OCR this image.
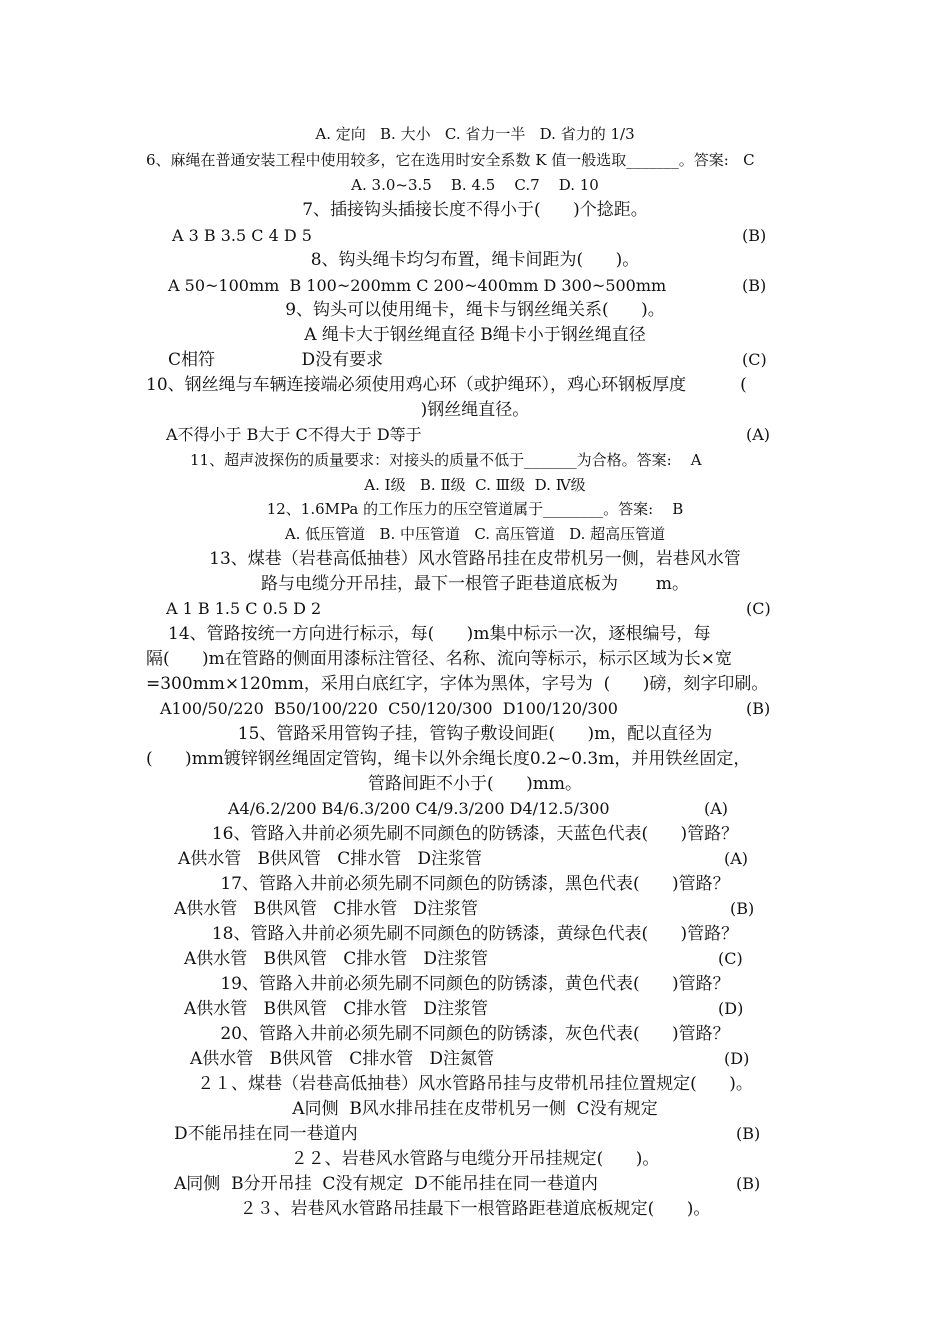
A. 定向   B. 大小   C. 省力一半   D. 省力的 1/3
6、麻绳在普通安装工程中使用较多，它在选用时安全系数 K 值一般选取_______。答案:   C
A. 3.0~3.5    B. 4.5    C.7    D. 10
7、插接钩头插接长度不得小于(      )个捻距。
A 3 B 3.5 C 4 D 5	(B)
8、钩头绳卡均匀布置，绳卡间距为(      )。
A 50~100mm  B 100~200mm C 200~400mm D 300~500mm	(B)
9、钩头可以使用绳卡，绳卡与钢丝绳关系(      )。
A 绳卡大于钢丝绳直径 B绳卡小于钢丝绳直径
C相符                D没有要求	(C)
10、钢丝绳与车辆连接端必须使用鸡心环（或护绳环），鸡心环钢板厚度          (
)钢丝绳直径。
A不得小于 B大于 C不得大于 D等于	(A)
11、超声波探伤的质量要求：对接头的质量不低于_______为合格。答案:    A
A. Ⅰ级   B. Ⅱ级  C. Ⅲ级  D. Ⅳ级
12、1.6MPa 的工作压力的压空管道属于________。答案:    B
A. 低压管道   B. 中压管道   C. 高压管道   D. 超高压管道
13、煤巷（岩巷高低抽巷）风水管路吊挂在皮带机另一侧，岩巷风水管
路与电缆分开吊挂，最下一根管子距巷道底板为       m。
A 1 B 1.5 C 0.5 D 2	(C)
14、管路按统一方向进行标示，每(      )m集中标示一次，逐根编号，每
隔(      )m在管路的侧面用漆标注管径、名称、流向等标示，标示区域为长×宽
=300mm×120mm，采用白底红字，字体为黑体，字号为  (      )磅，刻字印刷。
A100/50/220  B50/100/220  C50/120/300  D100/120/300	(B)
15、管路采用管钩子挂，管钩子敷设间距(      )m，配以直径为
(      )mm镀锌钢丝绳固定管钩，绳卡以外余绳长度0.2~0.3m，并用铁丝固定，
管路间距不小于(      )mm。
A4/6.2/200 B4/6.3/200 C4/9.3/200 D4/12.5/300	(A)
16、管路入井前必须先刷不同颜色的防锈漆，天蓝色代表(      )管路？
A供水管   B供风管   C排水管   D注浆管	(A)
17、管路入井前必须先刷不同颜色的防锈漆，黑色代表(      )管路？
A供水管   B供风管   C排水管   D注浆管	(B)
18、管路入井前必须先刷不同颜色的防锈漆，黄绿色代表(      )管路？
A供水管   B供风管   C排水管   D注浆管	(C)
19、管路入井前必须先刷不同颜色的防锈漆，黄色代表(      )管路？
A供水管   B供风管   C排水管   D注浆管	(D)
20、管路入井前必须先刷不同颜色的防锈漆，灰色代表(      )管路？
A供水管   B供风管   C排水管   D注氮管	(D)
２１、煤巷（岩巷高低抽巷）风水管路吊挂与皮带机吊挂位置规定(      )。
A同侧  B风水排吊挂在皮带机另一侧  C没有规定
D不能吊挂在同一巷道内	(B)
２２、岩巷风水管路与电缆分开吊挂规定(      )。
A同侧  B分开吊挂  C没有规定  D不能吊挂在同一巷道内	(B)
２３、岩巷风水管路吊挂最下一根管路距巷道底板规定(      )。
